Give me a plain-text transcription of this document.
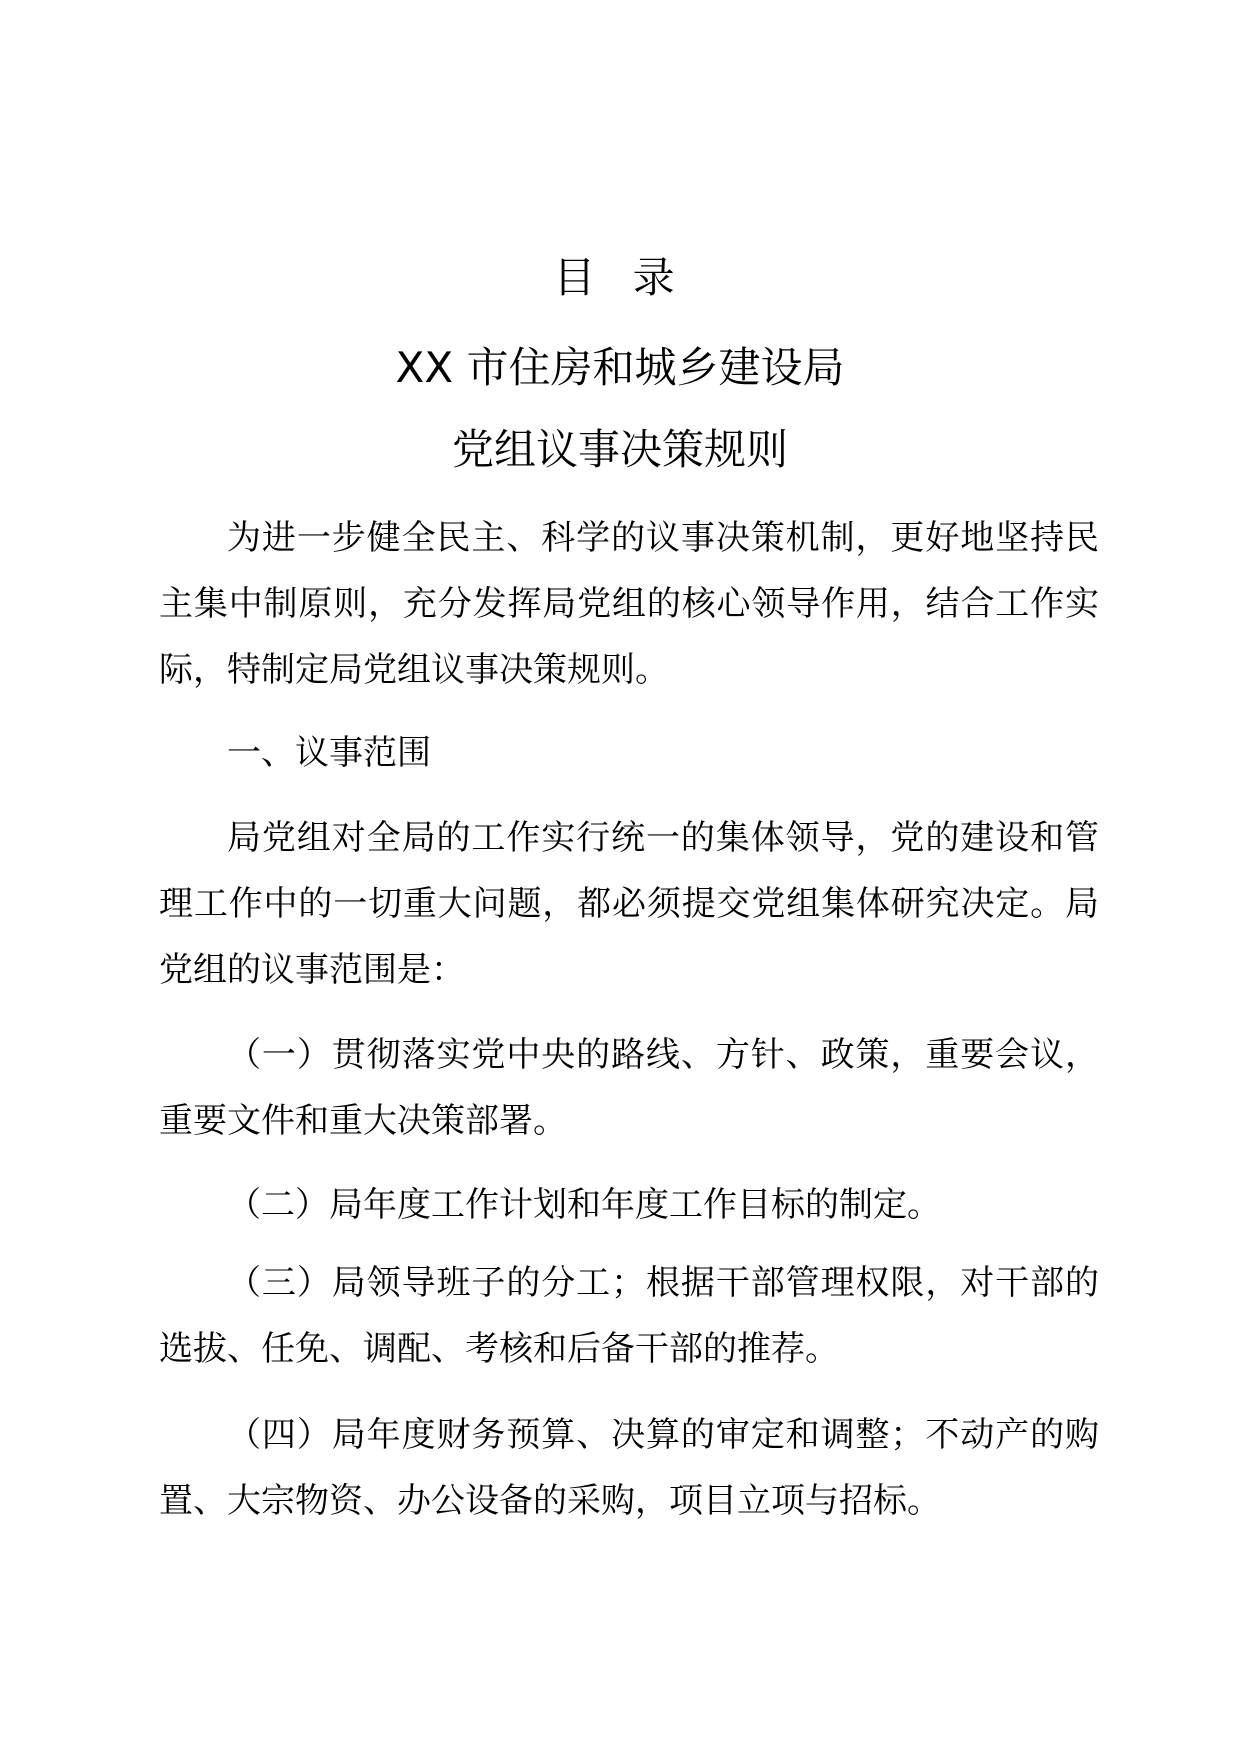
目 录
XX 市住房和城乡建设局
党组议事决策规则

为进一步健全民主、科学的议事决策机制，更好地坚持民主集中制原则，充分发挥局党组的核心领导作用，结合工作实际，特制定局党组议事决策规则。

一、议事范围

局党组对全局的工作实行统一的集体领导，党的建设和管理工作中的一切重大问题，都必须提交党组集体研究决定。局党组的议事范围是：

（一）贯彻落实党中央的路线、方针、政策，重要会议，重要文件和重大决策部署。

（二）局年度工作计划和年度工作目标的制定。

（三）局领导班子的分工；根据干部管理权限，对干部的选拔、任免、调配、考核和后备干部的推荐。

（四）局年度财务预算、决算的审定和调整；不动产的购置、大宗物资、办公设备的采购，项目立项与招标。
